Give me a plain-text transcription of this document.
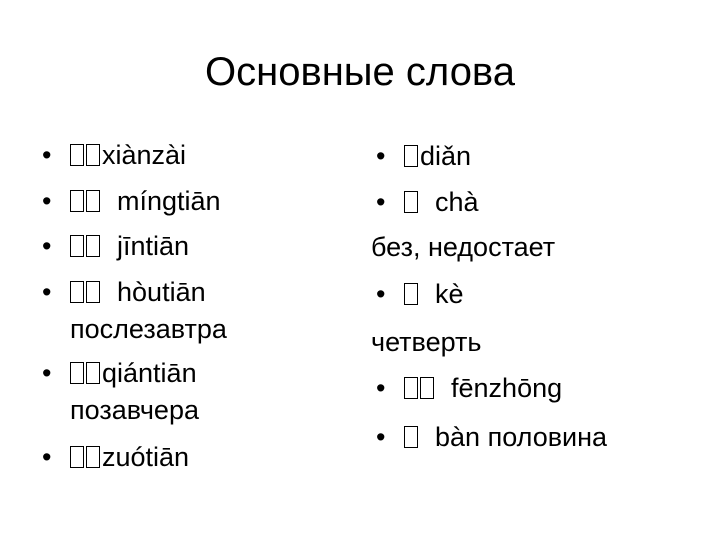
Основные слова
• xiànzài
• míngtiān
• jīntiān
• hòutiān
послезавтра
• qiántiān
позавчера
• zuótiān
• diǎn
• chà
без, недостает
• kè
четверть
• fēnzhōng
• bàn половина
